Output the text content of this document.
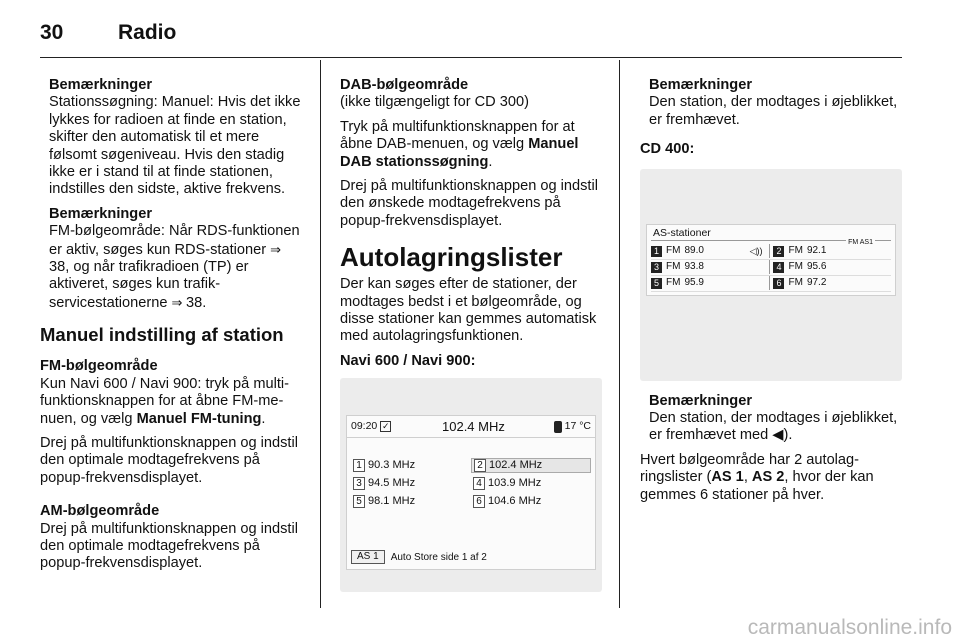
30	Radio
Bemærkninger
Stationssøgning: Manuel: Hvis det ikke lykkes for radioen at finde en station, skifter den automatisk til et mere følsomt søgeniveau. Hvis den stadig ikke er i stand til at finde stationen, indstilles den sidste, aktive frekvens.
Bemærkninger
FM-bølgeområde: Når RDS-funktionen er aktiv, søges kun RDS-stationer ⇒ 38, og når trafikradioen (TP) er aktiveret, søges kun trafikservicestationerne ⇒ 38.
Manuel indstilling af station
FM-bølgeområde
Kun Navi 600 / Navi 900: tryk på multifunktionsknappen for at åbne FM-menuen, og vælg Manuel FM-tuning.
Drej på multifunktionsknappen og indstil den optimale modtagefrekvens på popup-frekvensdisplayet.
AM-bølgeområde
Drej på multifunktionsknappen og indstil den optimale modtagefrekvens på popup-frekvensdisplayet.
DAB-bølgeområde
(ikke tilgængeligt for CD 300)
Tryk på multifunktionsknappen for at åbne DAB-menuen, og vælg Manuel DAB stationssøgning.
Drej på multifunktionsknappen og indstil den ønskede modtagefrekvens på popup-frekvensdisplayet.
Autolagringslister
Der kan søges efter de stationer, der modtages bedst i et bølgeområde, og disse stationer kan gemmes automatisk med autolagringsfunktionen.
Navi 600 / Navi 900:
09:20 ✓	102.4 MHz	17 °C
1 90.3 MHz	2 102.4 MHz
3 94.5 MHz	4 103.9 MHz
5 98.1 MHz	6 104.6 MHz
AS 1	Auto Store side 1 af 2
Bemærkninger
Den station, der modtages i øjeblikket, er fremhævet.
CD 400:
AS-stationer
FM AS1
1 FM 89.0	◁))	2 FM 92.1
3 FM 93.8	4 FM 95.6
5 FM 95.9	6 FM 97.2
Bemærkninger
Den station, der modtages i øjeblikket, er fremhævet med ◀).
Hvert bølgeområde har 2 autolagringslister (AS 1, AS 2, hvor der kan gemmes 6 stationer på hver.
carmanualsonline.info
